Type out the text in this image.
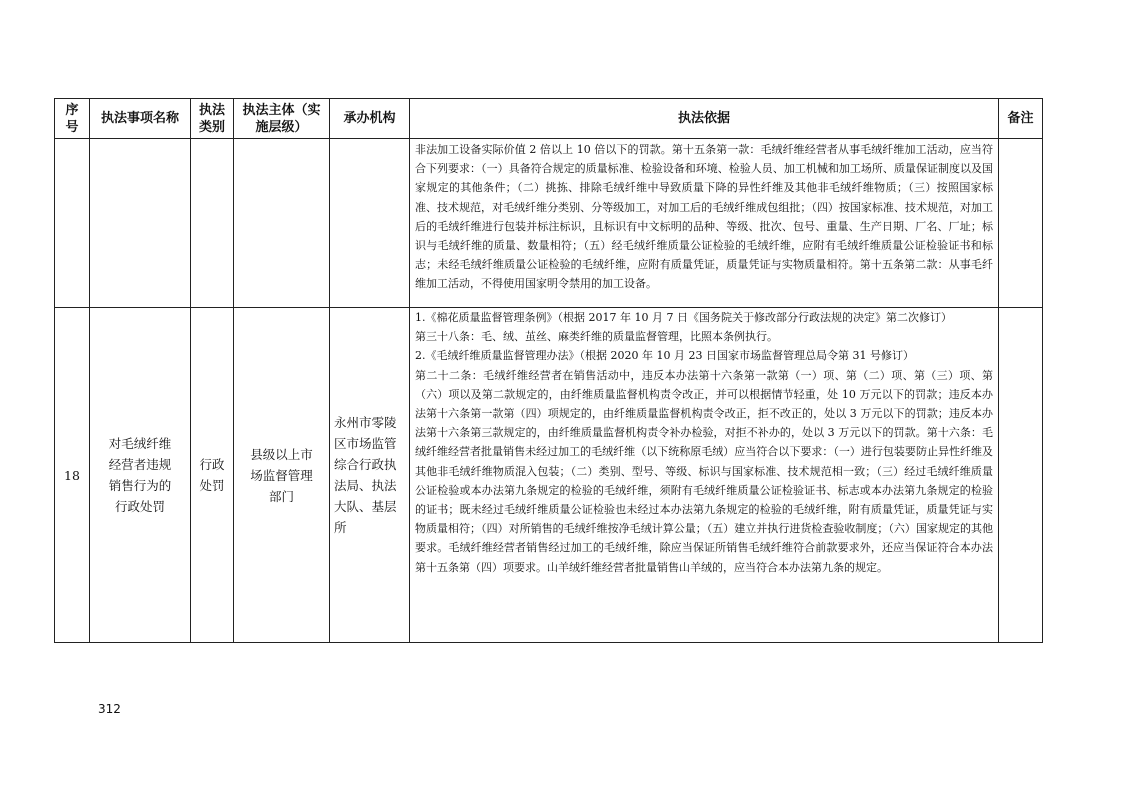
序号	执法事项名称	执法类别	执法主体（实施层级）	承办机构	执法依据	备注

					非法加工设备实际价值 2 倍以上 10 倍以下的罚款。第十五条第一款：毛绒纤维经营者从事毛绒纤维加工活动，应当符合下列要求：（一）具备符合规定的质量标准、检验设备和环境、检验人员、加工机械和加工场所、质量保证制度以及国家规定的其他条件；（二）挑拣、排除毛绒纤维中导致质量下降的异性纤维及其他非毛绒纤维物质；（三）按照国家标准、技术规范，对毛绒纤维分类别、分等级加工，对加工后的毛绒纤维成包组批；（四）按国家标准、技术规范，对加工后的毛绒纤维进行包装并标注标识，且标识有中文标明的品种、等级、批次、包号、重量、生产日期、厂名、厂址；标识与毛绒纤维的质量、数量相符；（五）经毛绒纤维质量公证检验的毛绒纤维，应附有毛绒纤维质量公证检验证书和标志；未经毛绒纤维质量公证检验的毛绒纤维，应附有质量凭证，质量凭证与实物质量相符。第十五条第二款：从事毛纤维加工活动，不得使用国家明令禁用的加工设备。	

18	对毛绒纤维经营者违规销售行为的行政处罚	行政处罚	县级以上市场监督管理部门	永州市零陵区市场监管综合行政执法局、执法大队、基层所	1.《棉花质量监督管理条例》（根据 2017 年 10 月 7 日《国务院关于修改部分行政法规的决定》第二次修订）

第三十八条：毛、绒、茧丝、麻类纤维的质量监督管理，比照本条例执行。

2.《毛绒纤维质量监督管理办法》（根据 2020 年 10 月 23 日国家市场监督管理总局令第 31 号修订）

第二十二条：毛绒纤维经营者在销售活动中，违反本办法第十六条第一款第（一）项、第（二）项、第（三）项、第（六）项以及第二款规定的，由纤维质量监督机构责令改正，并可以根据情节轻重，处 10 万元以下的罚款；违反本办法第十六条第一款第（四）项规定的，由纤维质量监督机构责令改正，拒不改正的，处以 3 万元以下的罚款；违反本办法第十六条第三款规定的，由纤维质量监督机构责令补办检验，对拒不补办的，处以 3 万元以下的罚款。第十六条：毛绒纤维经营者批量销售未经过加工的毛绒纤维（以下统称原毛绒）应当符合以下要求：（一）进行包装要防止异性纤维及其他非毛绒纤维物质混入包装；（二）类别、型号、等级、标识与国家标准、技术规范相一致；（三）经过毛绒纤维质量公证检验或本办法第九条规定的检验的毛绒纤维，须附有毛绒纤维质量公证检验证书、标志或本办法第九条规定的检验的证书；既未经过毛绒纤维质量公证检验也未经过本办法第九条规定的检验的毛绒纤维，附有质量凭证，质量凭证与实物质量相符；（四）对所销售的毛绒纤维按净毛绒计算公量；（五）建立并执行进货检查验收制度；（六）国家规定的其他要求。毛绒纤维经营者销售经过加工的毛绒纤维，除应当保证所销售毛绒纤维符合前款要求外，还应当保证符合本办法第十五条第（四）项要求。山羊绒纤维经营者批量销售山羊绒的，应当符合本办法第九条的规定。	

312
